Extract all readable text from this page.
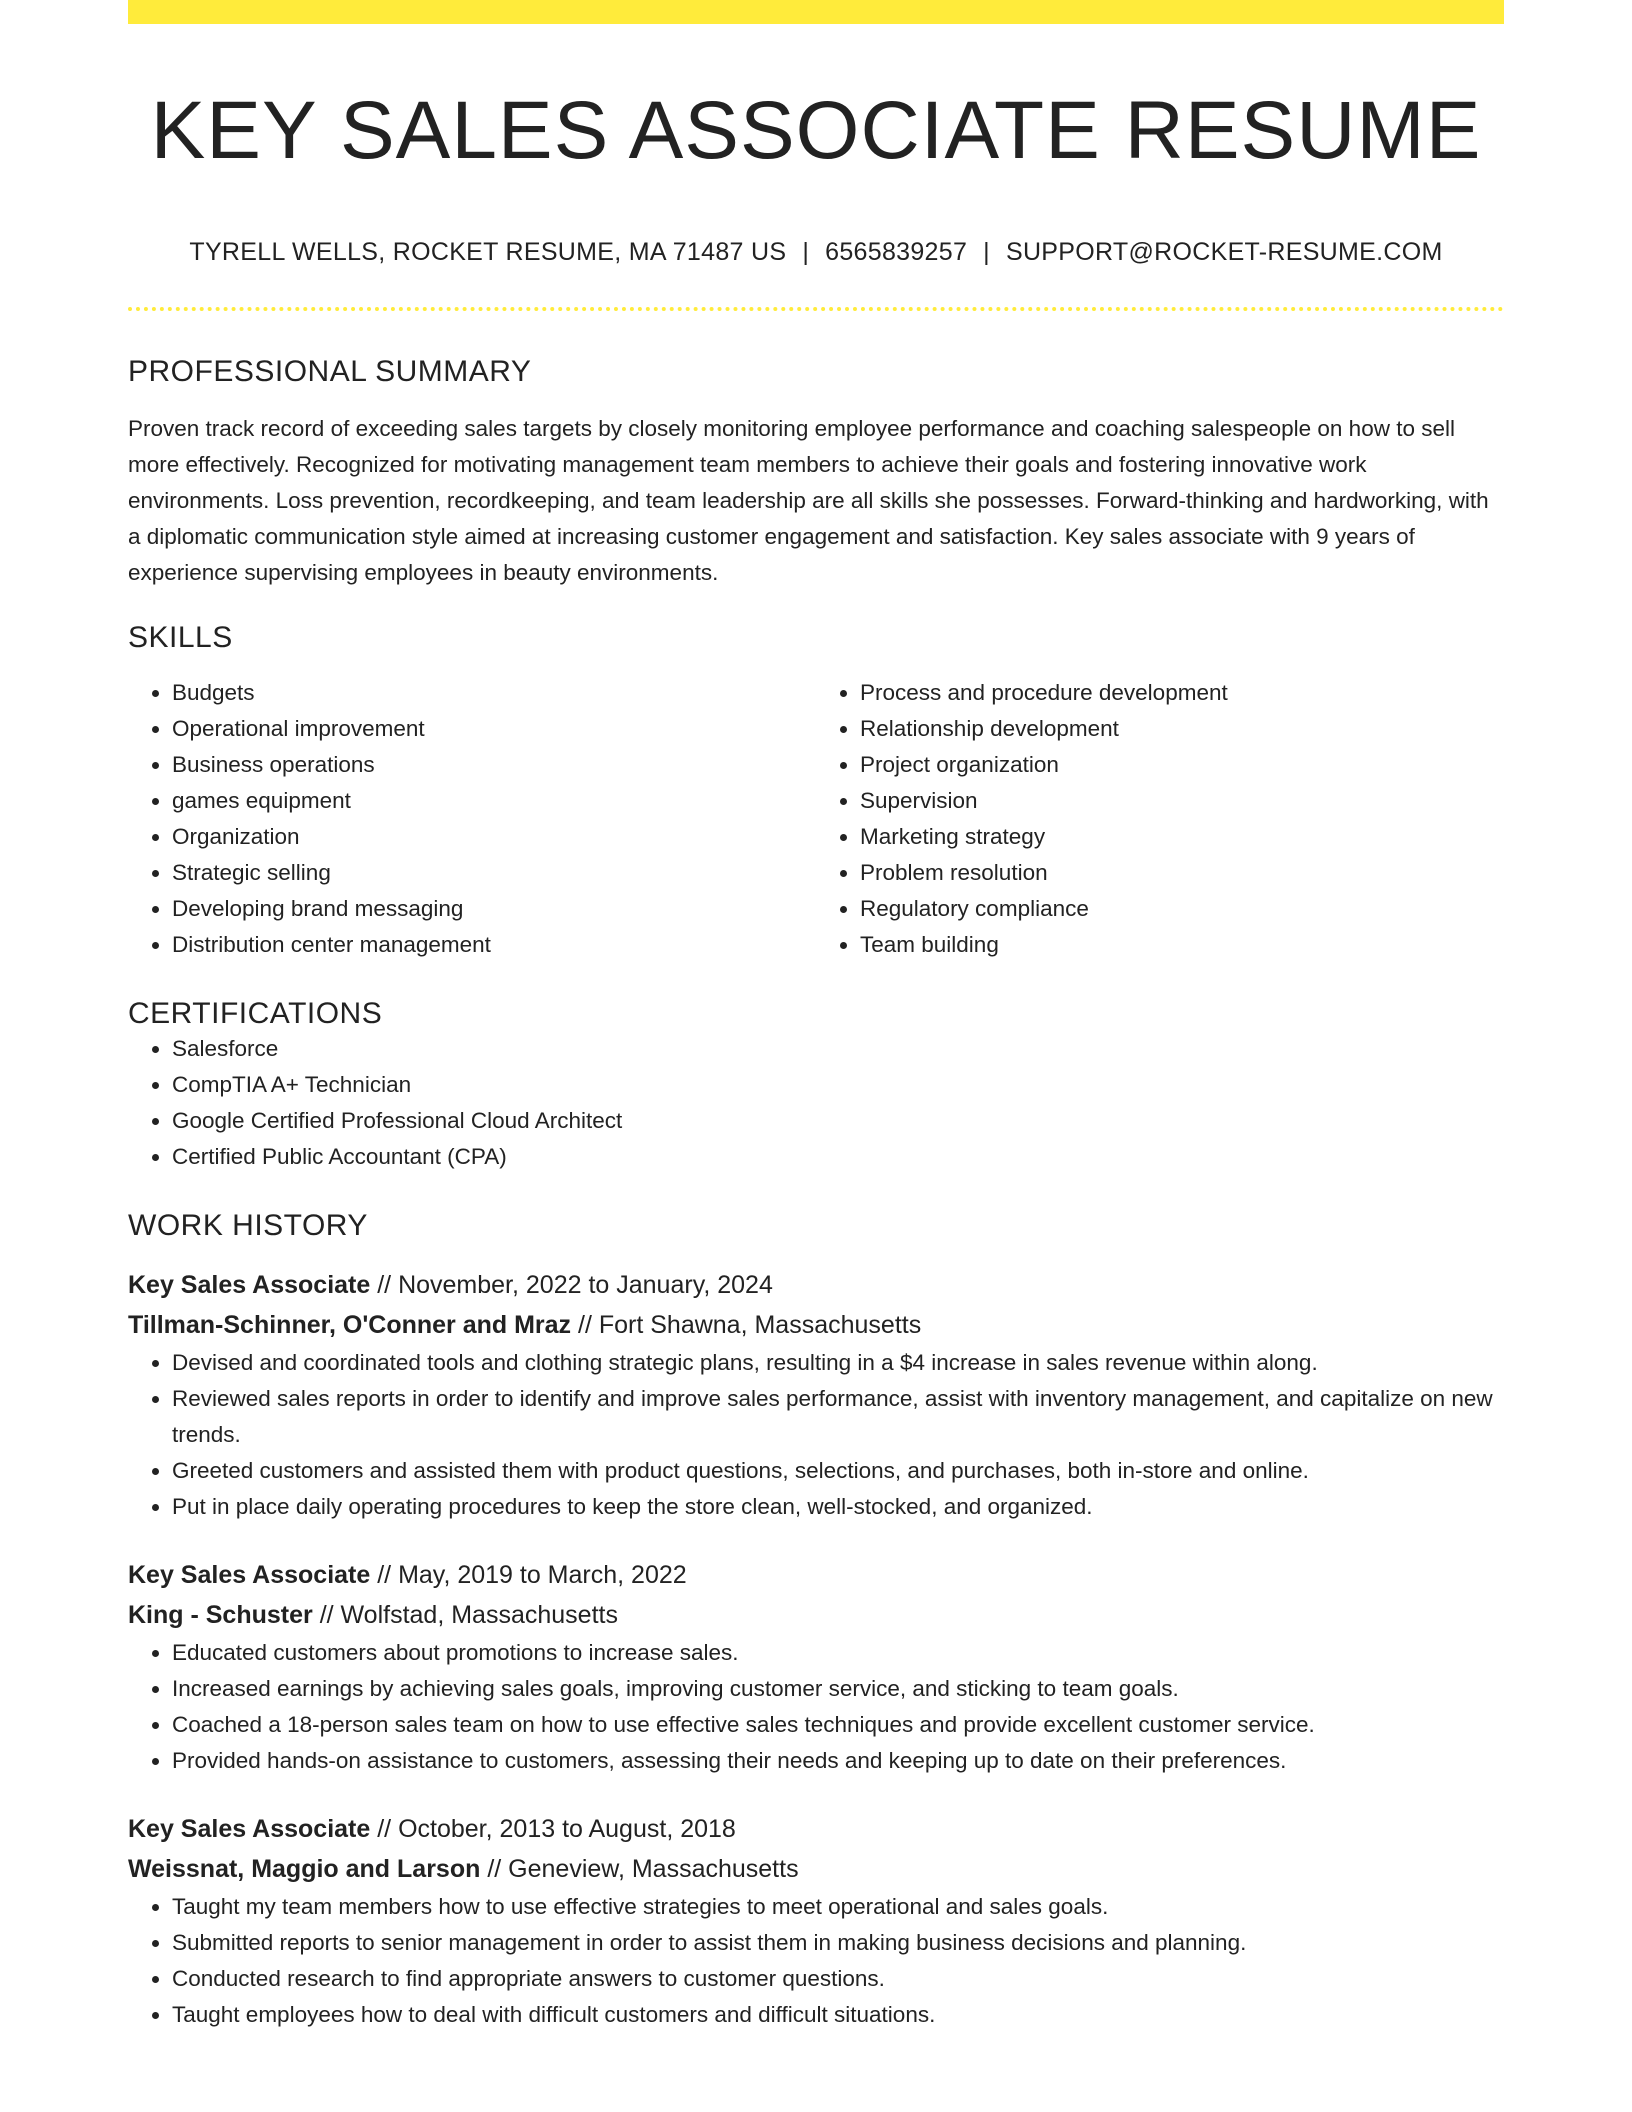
KEY SALES ASSOCIATE RESUME
TYRELL WELLS, ROCKET RESUME, MA 71487 US | 6565839257 | SUPPORT@ROCKET-RESUME.COM
PROFESSIONAL SUMMARY
Proven track record of exceeding sales targets by closely monitoring employee performance and coaching salespeople on how to sell more effectively. Recognized for motivating management team members to achieve their goals and fostering innovative work environments. Loss prevention, recordkeeping, and team leadership are all skills she possesses. Forward-thinking and hardworking, with a diplomatic communication style aimed at increasing customer engagement and satisfaction. Key sales associate with 9 years of experience supervising employees in beauty environments.
SKILLS
• Budgets
• Operational improvement
• Business operations
• games equipment
• Organization
• Strategic selling
• Developing brand messaging
• Distribution center management
• Process and procedure development
• Relationship development
• Project organization
• Supervision
• Marketing strategy
• Problem resolution
• Regulatory compliance
• Team building
CERTIFICATIONS
• Salesforce
• CompTIA A+ Technician
• Google Certified Professional Cloud Architect
• Certified Public Accountant (CPA)
WORK HISTORY
Key Sales Associate // November, 2022 to January, 2024
Tillman-Schinner, O'Conner and Mraz // Fort Shawna, Massachusetts
• Devised and coordinated tools and clothing strategic plans, resulting in a $4 increase in sales revenue within along.
• Reviewed sales reports in order to identify and improve sales performance, assist with inventory management, and capitalize on new trends.
• Greeted customers and assisted them with product questions, selections, and purchases, both in-store and online.
• Put in place daily operating procedures to keep the store clean, well-stocked, and organized.
Key Sales Associate // May, 2019 to March, 2022
King - Schuster // Wolfstad, Massachusetts
• Educated customers about promotions to increase sales.
• Increased earnings by achieving sales goals, improving customer service, and sticking to team goals.
• Coached a 18-person sales team on how to use effective sales techniques and provide excellent customer service.
• Provided hands-on assistance to customers, assessing their needs and keeping up to date on their preferences.
Key Sales Associate // October, 2013 to August, 2018
Weissnat, Maggio and Larson // Geneview, Massachusetts
• Taught my team members how to use effective strategies to meet operational and sales goals.
• Submitted reports to senior management in order to assist them in making business decisions and planning.
• Conducted research to find appropriate answers to customer questions.
• Taught employees how to deal with difficult customers and difficult situations.
